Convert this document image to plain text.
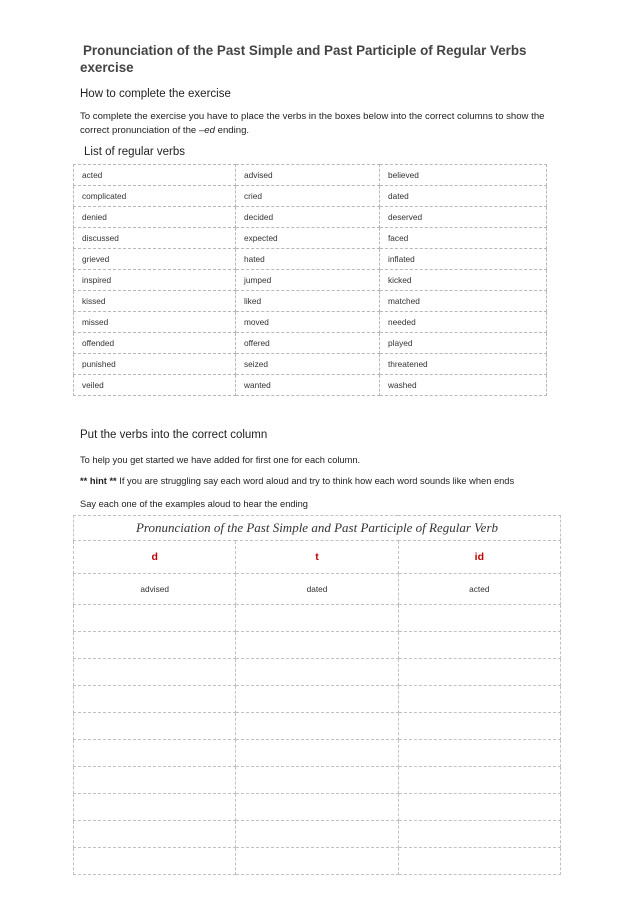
Pronunciation of the Past Simple and Past Participle of Regular Verbs
exercise
How to complete the exercise
To complete the exercise you have to place the verbs in the boxes below into the correct columns to show the correct pronunciation of the –ed ending.
List of regular verbs
acted	advised	believed
complicated	cried	dated
denied	decided	deserved
discussed	expected	faced
grieved	hated	inflated
inspired	jumped	kicked
kissed	liked	matched
missed	moved	needed
offended	offered	played
punished	seized	threatened
veiled	wanted	washed
Put the verbs into the correct column
To help you get started we have added for first one for each column.
** hint ** If you are struggling say each word aloud and try to think how each word sounds like when ends
Say each one of the examples aloud to hear the ending
Pronunciation of the Past Simple and Past Participle of Regular Verb		
d	t	id
advised	dated	acted
